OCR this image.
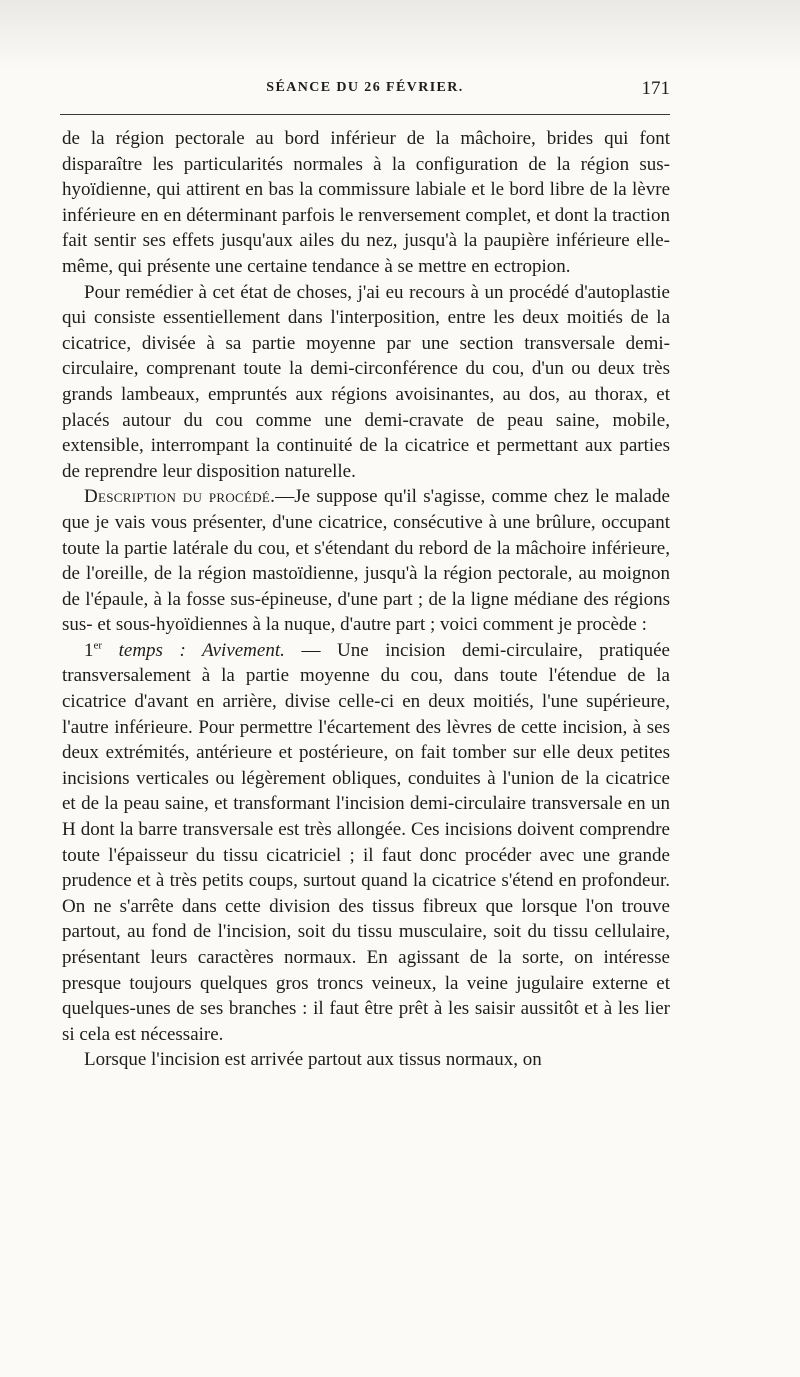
SÉANCE DU 26 FÉVRIER.	171

de la région pectorale au bord inférieur de la mâchoire, brides qui font disparaître les particularités normales à la configuration de la région sus-hyoïdienne, qui attirent en bas la commissure labiale et le bord libre de la lèvre inférieure en en déterminant parfois le renversement complet, et dont la traction fait sentir ses effets jusqu'aux ailes du nez, jusqu'à la paupière inférieure elle-même, qui présente une certaine tendance à se mettre en ectropion.

Pour remédier à cet état de choses, j'ai eu recours à un procédé d'autoplastie qui consiste essentiellement dans l'interposition, entre les deux moitiés de la cicatrice, divisée à sa partie moyenne par une section transversale demi-circulaire, comprenant toute la demi-circonférence du cou, d'un ou deux très grands lambeaux, empruntés aux régions avoisinantes, au dos, au thorax, et placés autour du cou comme une demi-cravate de peau saine, mobile, extensible, interrompant la continuité de la cicatrice et permettant aux parties de reprendre leur disposition naturelle.

Description du procédé.—Je suppose qu'il s'agisse, comme chez le malade que je vais vous présenter, d'une cicatrice, consécutive à une brûlure, occupant toute la partie latérale du cou, et s'étendant du rebord de la mâchoire inférieure, de l'oreille, de la région mastoïdienne, jusqu'à la région pectorale, au moignon de l'épaule, à la fosse sus-épineuse, d'une part ; de la ligne médiane des régions sus- et sous-hyoïdiennes à la nuque, d'autre part ; voici comment je procède :

1er temps : Avivement. — Une incision demi-circulaire, pratiquée transversalement à la partie moyenne du cou, dans toute l'étendue de la cicatrice d'avant en arrière, divise celle-ci en deux moitiés, l'une supérieure, l'autre inférieure. Pour permettre l'écartement des lèvres de cette incision, à ses deux extrémités, antérieure et postérieure, on fait tomber sur elle deux petites incisions verticales ou légèrement obliques, conduites à l'union de la cicatrice et de la peau saine, et transformant l'incision demi-circulaire transversale en un H dont la barre transversale est très allongée. Ces incisions doivent comprendre toute l'épaisseur du tissu cicatriciel ; il faut donc procéder avec une grande prudence et à très petits coups, surtout quand la cicatrice s'étend en profondeur. On ne s'arrête dans cette division des tissus fibreux que lorsque l'on trouve partout, au fond de l'incision, soit du tissu musculaire, soit du tissu cellulaire, présentant leurs caractères normaux. En agissant de la sorte, on intéresse presque toujours quelques gros troncs veineux, la veine jugulaire externe et quelques-unes de ses branches : il faut être prêt à les saisir aussitôt et à les lier si cela est nécessaire.

Lorsque l'incision est arrivée partout aux tissus normaux, on
